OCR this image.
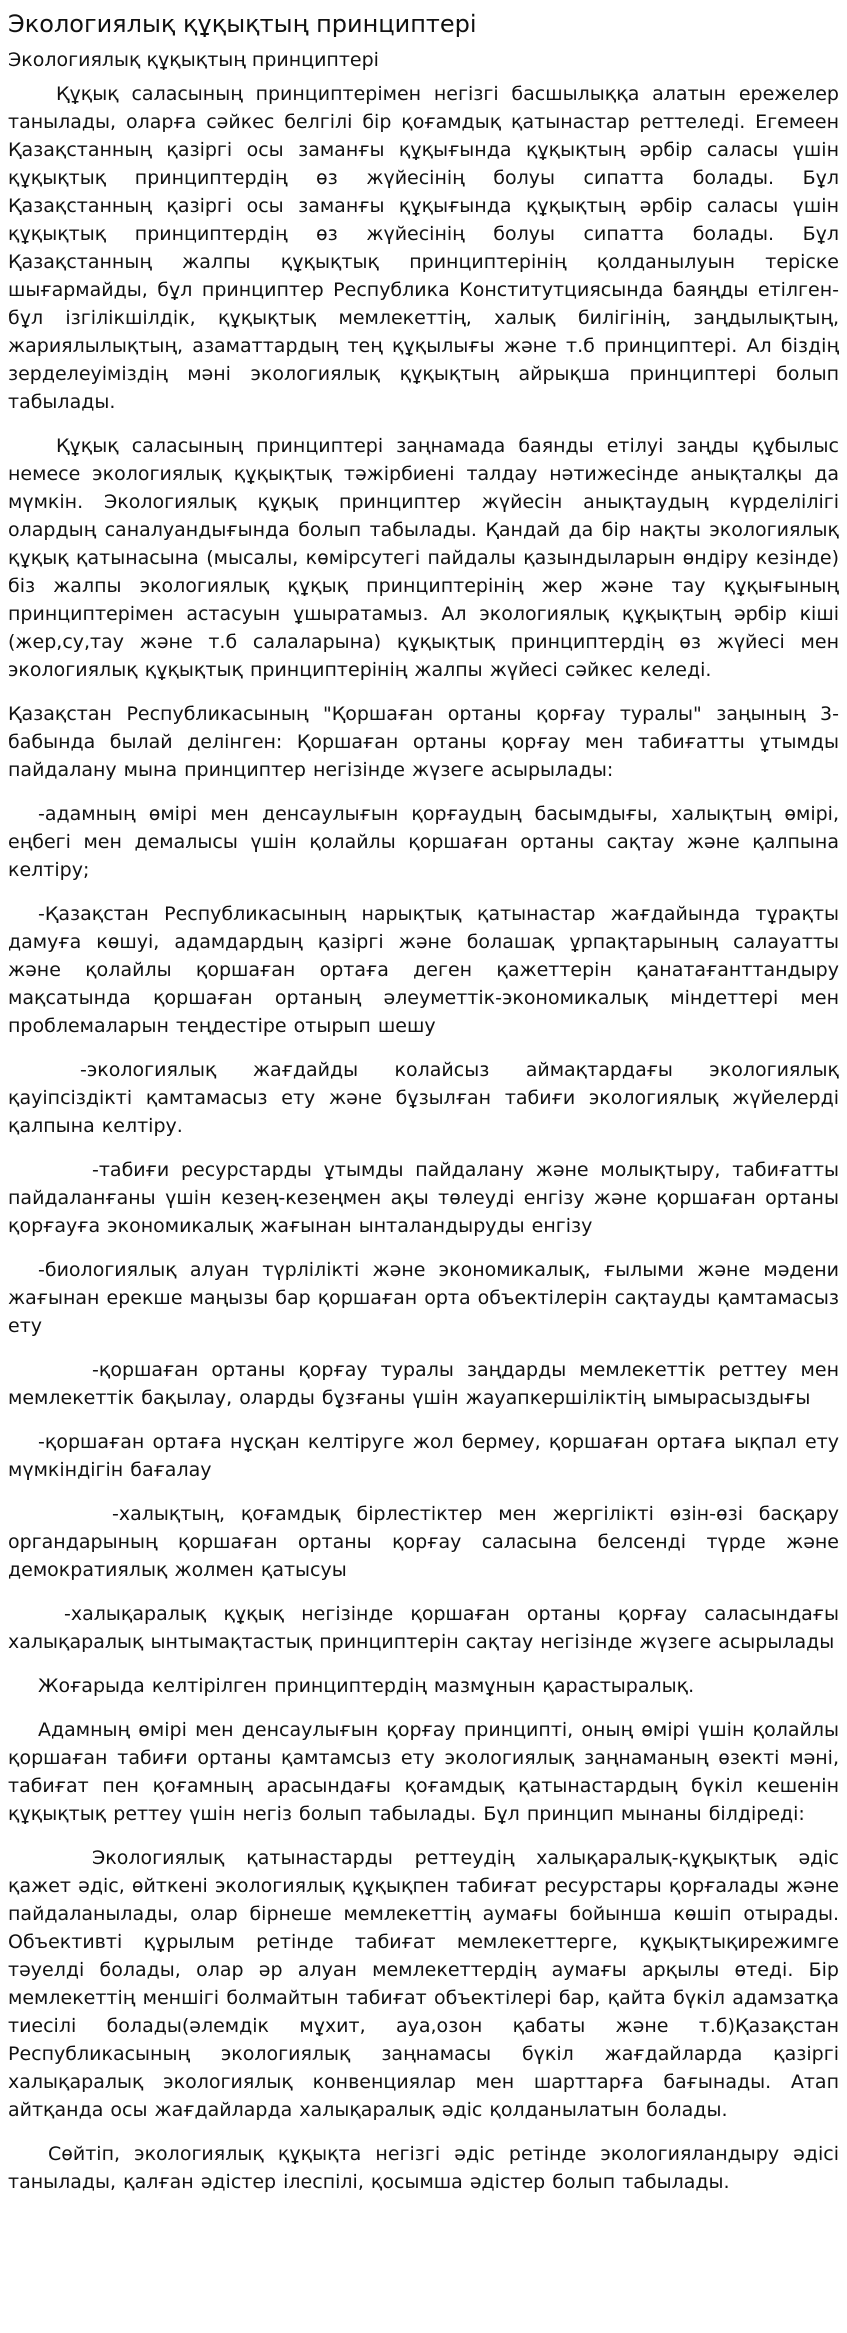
Экологиялық құқықтың принциптері
Экологиялық құқықтың принциптері

Құқық саласының принциптерімен негізгі басшылыққа алатын ережелер танылады, оларға сәйкес белгілі бір қоғамдық қатынастар реттеледі. Егемеен Қазақстанның қазіргі осы заманғы құқығында құқықтың әрбір саласы үшін құқықтық принциптердің өз жүйесінің болуы сипатта болады. Бұл Қазақстанның қазіргі осы заманғы құқығында құқықтың әрбір саласы үшін құқықтық принциптердің өз жүйесінің болуы сипатта болады. Бұл Қазақстанның жалпы құқықтық принциптерінің қолданылуын теріске шығармайды, бұл принциптер Республика Конститутциясында баяңды етілген- бұл ізгілікшілдік, құқықтық мемлекеттің, халық билігінің, заңдылықтың, жариялылықтың, азаматтардың тең құқылығы және т.б принциптері. Ал біздің зерделеуіміздің мәні экологиялық құқықтың айрықша принциптері болып табылады.

Құқық саласының принциптері заңнамада баянды етілуі заңды құбылыс немесе экологиялық құқықтық тәжірбиені талдау нәтижесінде анықталқы да мүмкін. Экологиялық құқық принциптер жүйесін анықтаудың күрделілігі олардың саналуандығында болып табылады. Қандай да бір нақты экологиялық құқық қатынасына (мысалы, көмірсутегі пайдалы қазындыларын өндіру кезінде) біз жалпы экологиялық құқық принциптерінің жер және тау құқығының принциптерімен астасуын ұшыратамыз. Ал экологиялық құқықтың әрбір кіші (жер,су,тау және т.б салаларына) құқықтық принциптердің өз жүйесі мен экологиялық құқықтық принциптерінің жалпы жүйесі сәйкес келеді.

Қазақстан Республикасының "Қоршаған ортаны қорғау туралы" заңының 3-бабында былай делінген: Қоршаған ортаны қорғау мен табиғатты ұтымды пайдалану мына принциптер негізінде жүзеге асырылады:

-адамның өмірі мен денсаулығын қорғаудың басымдығы, халықтың өмірі, еңбегі мен демалысы үшін қолайлы қоршаған ортаны сақтау және қалпына келтіру;

-Қазақстан Республикасының нарықтық қатынастар жағдайында тұрақты дамуға көшуі, адамдардың қазіргі және болашақ ұрпақтарының салауатты және қолайлы қоршаған ортаға деген қажеттерін қанатағанттандыру мақсатында қоршаған ортаның әлеуметтік-экономикалық міндеттері мен проблемаларын теңдестіре отырып шешу

-экологиялық жағдайды колайсыз аймақтардағы экологиялық қауіпсіздікті қамтамасыз ету және бұзылған табиғи экологиялық жүйелерді қалпына келтіру.

-табиғи ресурстарды ұтымды пайдалану және молықтыру, табиғатты пайдаланғаны үшін кезең-кезеңмен ақы төлеуді енгізу және қоршаған ортаны қорғауға экономикалық жағынан ынталандыруды енгізу

-биологиялық алуан түрлілікті және экономикалық, ғылыми және мәдени жағынан ерекше маңызы бар қоршаған орта объектілерін сақтауды қамтамасыз ету

-қоршаған ортаны қорғау туралы заңдарды мемлекеттік реттеу мен мемлекеттік бақылау, оларды бұзғаны үшін жауапкершіліктің ымырасыздығы

-қоршаған ортаға нұсқан келтіруге жол бермеу, қоршаған ортаға ықпал ету мүмкіндігін бағалау

-халықтың, қоғамдық бірлестіктер мен жергілікті өзін-өзі басқару органдарының қоршаған ортаны қорғау саласына белсенді түрде және демократиялық жолмен қатысуы

-халықаралық құқық негізінде қоршаған ортаны қорғау саласындағы халықаралық ынтымақтастық принциптерін сақтау негізінде жүзеге асырылады

Жоғарыда келтірілген принциптердің мазмұнын қарастыралық.

Адамның өмірі мен денсаулығын қорғау принципті, оның өмірі үшін қолайлы қоршаған табиғи ортаны қамтамсыз ету экологиялық заңнаманың өзекті мәні, табиғат пен қоғамның арасындағы қоғамдық қатынастардың бүкіл кешенін құқықтық реттеу үшін негіз болып табылады. Бұл принцип мынаны білдіреді:

Экологиялық қатынастарды реттеудің халықаралық-құқықтық әдіс қажет әдіс, өйткені экологиялық құқықпен табиғат ресурстары қорғалады және пайдаланылады, олар бірнеше мемлекеттің аумағы бойынша көшіп отырады. Объективті құрылым ретінде табиғат мемлекеттерге, құқықтықирежимге тәуелді болады, олар әр алуан мемлекеттердің аумағы арқылы өтеді. Бір мемлекеттің меншігі болмайтын табиғат объектілері бар, қайта бүкіл адамзатқа тиесілі болады(әлемдік мұхит, ауа,озон қабаты және т.б)Қазақстан Республикасының экологиялық заңнамасы бүкіл жағдайларда қазіргі халықаралық экологиялық конвенциялар мен шарттарға бағынады. Атап айтқанда осы жағдайларда халықаралық әдіс қолданылатын болады.

Сөйтіп, экологиялық құқықта негізгі әдіс ретінде экологияландыру әдісі танылады, қалған әдістер ілеспілі, қосымша әдістер болып табылады.
